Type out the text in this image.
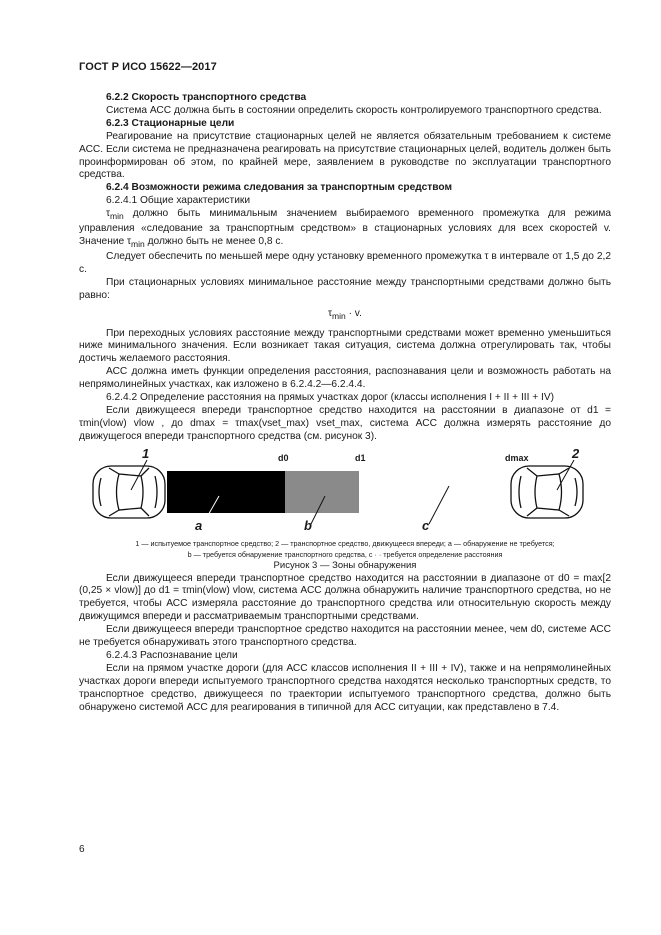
ГОСТ Р ИСО 15622—2017

6.2.2 Скорость транспортного средства

Система АСС должна быть в состоянии определить скорость контролируемого транспортного средства.

6.2.3 Стационарные цели

Реагирование на присутствие стационарных целей не является обязательным требованием к системе АСС. Если система не предназначена реагировать на присутствие стационарных целей, водитель должен быть проинформирован об этом, по крайней мере, заявлением в руководстве по эксплуатации транспортного средства.

6.2.4 Возможности режима следования за транспортным средством

6.2.4.1 Общие характеристики

$\tau_{min}$ должно быть минимальным значением выбираемого временного промежутка для режима управления «следование за транспортным средством» в стационарных условиях для всех скоростей v. Значение $\tau_{min}$ должно быть не менее 0,8 с.

Следует обеспечить по меньшей мере одну установку временного промежутка τ в интервале от 1,5 до 2,2 с.

При стационарных условиях минимальное расстояние между транспортными средствами должно быть равно:

$\tau_{min} \cdot v$.

При переходных условиях расстояние между транспортными средствами может временно уменьшиться ниже минимального значения. Если возникает такая ситуация, система должна отрегулировать так, чтобы достичь желаемого расстояния.

АСС должна иметь функции определения расстояния, распознавания цели и возможность работать на непрямолинейных участках, как изложено в 6.2.4.2—6.2.4.4.

6.2.4.2 Определение расстояния на прямых участках дорог (классы исполнения I + II + III + IV)

Если движущееся впереди транспортное средство находится на расстоянии в диапазоне от d1 = τmin(vlow) vlow , до dmax = τmax(vset_max) vset_max, система АСС должна измерять расстояние до движущегося впереди транспортного средства (см. рисунок 3).

1	2
d0	d1	dmax
a	b	c

1 — испытуемое транспортное средство; 2 — транспортное средство, движущееся впереди; a — обнаружение не требуется;
b — требуется обнаружение транспортного средства, c · · требуется определение расстояния

Рисунок 3 — Зоны обнаружения

Если движущееся впереди транспортное средство находится на расстоянии в диапазоне от d0 = max[2 (0,25 × vlow)] до d1 = τmin(vlow) vlow, система АСС должна обнаружить наличие транспортного средства, но не требуется, чтобы АСС измеряла расстояние до транспортного средства или относительную скорость между движущимся впереди и рассматриваемым транспортными средствами.

Если движущееся впереди транспортное средство находится на расстоянии менее, чем d0, системе АСС не требуется обнаруживать этого транспортного средства.

6.2.4.3 Распознавание цели

Если на прямом участке дороги (для АСС классов исполнения II + III + IV), также и на непрямолинейных участках дороги впереди испытуемого транспортного средства находятся несколько транспортных средств, то транспортное средство, движущееся по траектории испытуемого транспортного средства, должно быть обнаружено системой АСС для реагирования в типичной для АСС ситуации, как представлено в 7.4.

6
